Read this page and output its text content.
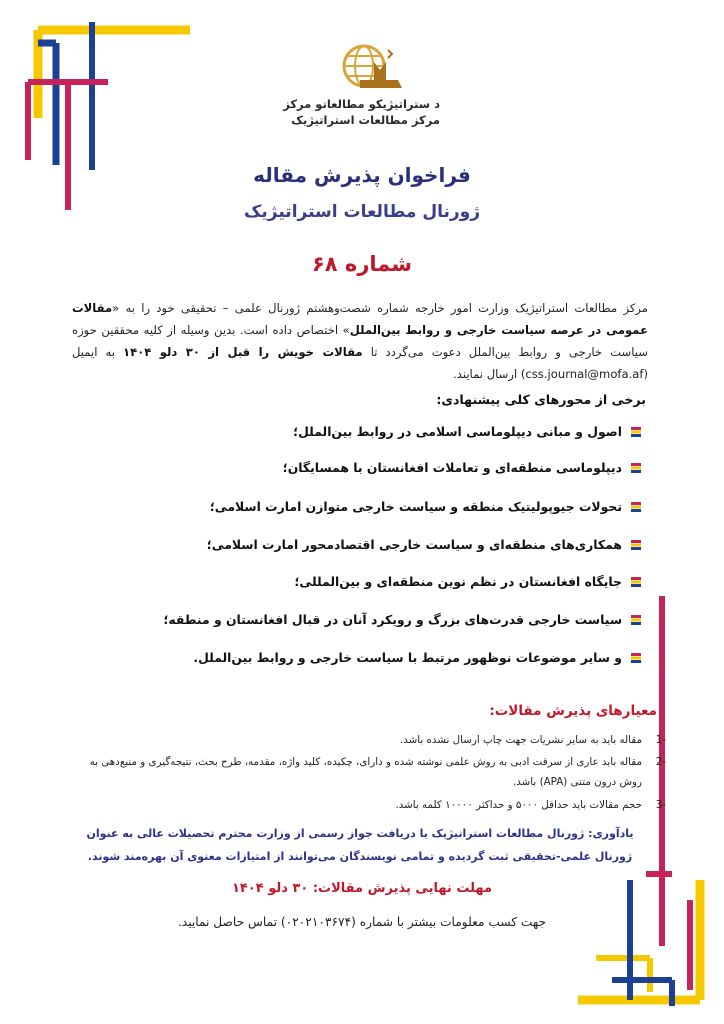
د ستراتیژیکو مطالعاتو مرکز
مرکز مطالعات استراتیژیک
فراخوان پذیرش مقاله
ژورنال مطالعات استراتیژیک
شماره ۶۸
مرکز مطالعات استراتیژیک وزارت امور خارجه شماره شصت‌وهشتم ژورنال علمی – تحقیقی خود را به «مقالات عمومی در عرصه سیاست خارجی و روابط بین‌الملل» اختصاص داده است. بدین وسیله از کلیه محققین حوزه سیاست خارجی و روابط بین‌الملل دعوت می‌گردد تا مقالات خویش را قبل از ۳۰ دلو ۱۴۰۴ به ایمیل (css.journal@mofa.af) ارسال نمایند.
برخی از محورهای کلی پیشنهادی:
اصول و مبانی دیپلوماسی اسلامی در روابط بین‌الملل؛
دیپلوماسی منطقه‌ای و تعاملات افغانستان با همسایگان؛
تحولات جیوپولیتیک منطقه و سیاست خارجی متوازن امارت اسلامی؛
همکاری‌های منطقه‌ای و سیاست خارجی اقتصادمحور امارت اسلامی؛
جایگاه افغانستان در نظم نوین منطقه‌ای و بین‌المللی؛
سیاست خارجی قدرت‌های بزرگ و رویکرد آنان در قبال افغانستان و منطقه؛
و سایر موضوعات نوظهور مرتبط با سیاست خارجی و روابط بین‌الملل.
معیارهای پذیرش مقالات:
-1
مقاله باید به سایر نشریات جهت چاپ ارسال نشده باشد.
-2
مقاله باید عاری از سرقت ادبی به روش علمی نوشته شده و دارای، چکیده، کلید واژه، مقدمه، طرح بحث، نتیجه‌گیری و منبع‌دهی به روش درون متنی (APA) باشد.
-3
حجم مقالات باید حداقل ۵۰۰۰ و حداکثر ۱۰۰۰۰ کلمه باشد.
یادآوری: ژورنال مطالعات استراتیژیک با دریافت جواز رسمی از وزارت محترم تحصیلات عالی به عنوان ژورنال علمی-تحقیقی ثبت گردیده و تمامی نویسندگان می‌توانند از امتیازات معنوی آن بهره‌مند شوند.
مهلت نهایی پذیرش مقالات: ۳۰ دلو ۱۴۰۴
جهت کسب معلومات بیشتر با شماره (۰۲۰۲۱۰۳۶۷۴) تماس حاصل نمایید.
